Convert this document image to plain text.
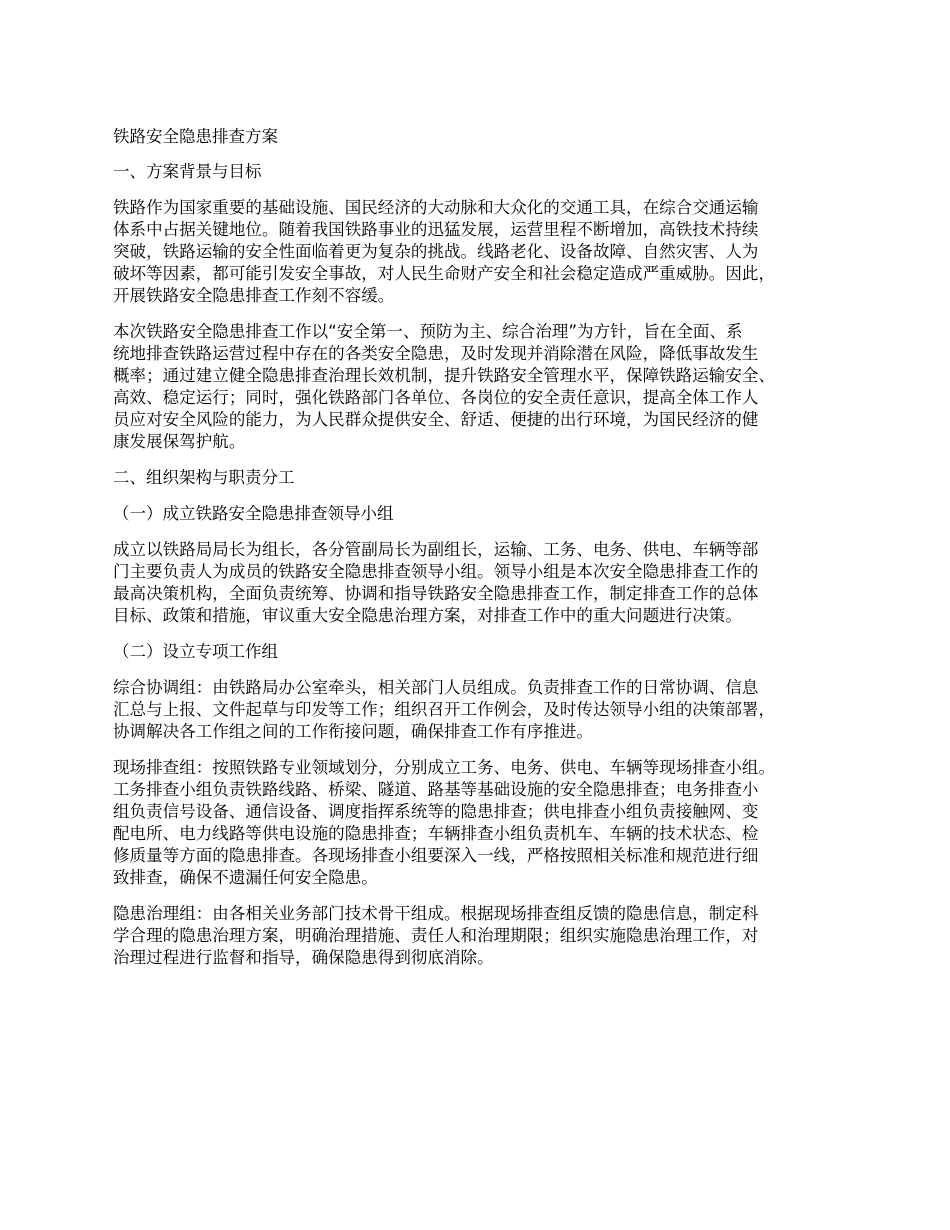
铁路安全隐患排查方案

一、方案背景与目标

铁路作为国家重要的基础设施、国民经济的大动脉和大众化的交通工具，在综合交通运输
体系中占据关键地位。随着我国铁路事业的迅猛发展，运营里程不断增加，高铁技术持续
突破，铁路运输的安全性面临着更为复杂的挑战。线路老化、设备故障、自然灾害、人为
破坏等因素，都可能引发安全事故，对人民生命财产安全和社会稳定造成严重威胁。因此，
开展铁路安全隐患排查工作刻不容缓。

本次铁路安全隐患排查工作以“安全第一、预防为主、综合治理”为方针，旨在全面、系
统地排查铁路运营过程中存在的各类安全隐患，及时发现并消除潜在风险，降低事故发生
概率；通过建立健全隐患排查治理长效机制，提升铁路安全管理水平，保障铁路运输安全、
高效、稳定运行；同时，强化铁路部门各单位、各岗位的安全责任意识，提高全体工作人
员应对安全风险的能力，为人民群众提供安全、舒适、便捷的出行环境，为国民经济的健
康发展保驾护航。

二、组织架构与职责分工

（一）成立铁路安全隐患排查领导小组

成立以铁路局局长为组长，各分管副局长为副组长，运输、工务、电务、供电、车辆等部
门主要负责人为成员的铁路安全隐患排查领导小组。领导小组是本次安全隐患排查工作的
最高决策机构，全面负责统筹、协调和指导铁路安全隐患排查工作，制定排查工作的总体
目标、政策和措施，审议重大安全隐患治理方案，对排查工作中的重大问题进行决策。

（二）设立专项工作组

综合协调组：由铁路局办公室牵头，相关部门人员组成。负责排查工作的日常协调、信息
汇总与上报、文件起草与印发等工作；组织召开工作例会，及时传达领导小组的决策部署，
协调解决各工作组之间的工作衔接问题，确保排查工作有序推进。

现场排查组：按照铁路专业领域划分，分别成立工务、电务、供电、车辆等现场排查小组。
工务排查小组负责铁路线路、桥梁、隧道、路基等基础设施的安全隐患排查；电务排查小
组负责信号设备、通信设备、调度指挥系统等的隐患排查；供电排查小组负责接触网、变
配电所、电力线路等供电设施的隐患排查；车辆排查小组负责机车、车辆的技术状态、检
修质量等方面的隐患排查。各现场排查小组要深入一线，严格按照相关标准和规范进行细
致排查，确保不遗漏任何安全隐患。

隐患治理组：由各相关业务部门技术骨干组成。根据现场排查组反馈的隐患信息，制定科
学合理的隐患治理方案，明确治理措施、责任人和治理期限；组织实施隐患治理工作，对
治理过程进行监督和指导，确保隐患得到彻底消除。
